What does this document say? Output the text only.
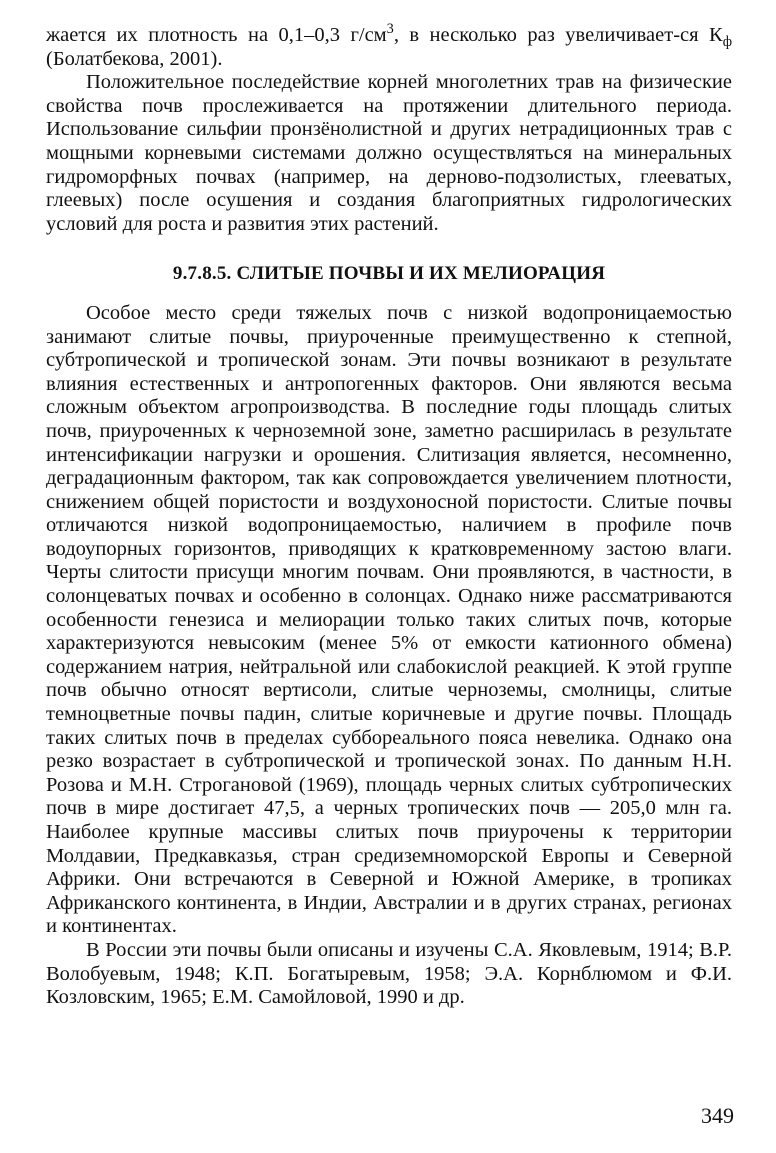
жается их плотность на 0,1–0,3 $г/см^3$, в несколько раз увеличивает-ся $К_ф$ (Болатбекова, 2001).

Положительное последействие корней многолетних трав на физические свойства почв прослеживается на протяжении длительного периода. Использование сильфии пронзёнолистной и других нетрадиционных трав с мощными корневыми системами должно осуществляться на минеральных гидроморфных почвах (например, на дерново-подзолистых, глееватых, глеевых) после осушения и создания благоприятных гидрологических условий для роста и развития этих растений.

9.7.8.5. СЛИТЫЕ ПОЧВЫ И ИХ МЕЛИОРАЦИЯ

Особое место среди тяжелых почв с низкой водопроницаемостью занимают слитые почвы, приуроченные преимущественно к степной, субтропической и тропической зонам. Эти почвы возникают в результате влияния естественных и антропогенных факторов. Они являются весьма сложным объектом агропроизводства. В последние годы площадь слитых почв, приуроченных к черноземной зоне, заметно расширилась в результате интенсификации нагрузки и орошения. Слитизация является, несомненно, деградационным фактором, так как сопровождается увеличением плотности, снижением общей пористости и воздухоносной пористости. Слитые почвы отличаются низкой водопроницаемостью, наличием в профиле почв водоупорных горизонтов, приводящих к кратковременному застою влаги. Черты слитости присущи многим почвам. Они проявляются, в частности, в солонцеватых почвах и особенно в солонцах. Однако ниже рассматриваются особенности генезиса и мелиорации только таких слитых почв, которые характеризуются невысоким (менее 5% от емкости катионного обмена) содержанием натрия, нейтральной или слабокислой реакцией. К этой группе почв обычно относят вертисоли, слитые черноземы, смолницы, слитые темноцветные почвы падин, слитые коричневые и другие почвы. Площадь таких слитых почв в пределах суббореального пояса невелика. Однако она резко возрастает в субтропической и тропической зонах. По данным Н.Н. Розова и М.Н. Строгановой (1969), площадь черных слитых субтропических почв в мире достигает 47,5, а черных тропических почв — 205,0 млн га. Наиболее крупные массивы слитых почв приурочены к территории Молдавии, Предкавказья, стран средиземноморской Европы и Северной Африки. Они встречаются в Северной и Южной Америке, в тропиках Африканского континента, в Индии, Австралии и в других странах, регионах и континентах.

В России эти почвы были описаны и изучены С.А. Яковлевым, 1914; В.Р. Волобуевым, 1948; К.П. Богатыревым, 1958; Э.А. Корнблюмом и Ф.И. Козловским, 1965; Е.М. Самойловой, 1990 и др.

349
